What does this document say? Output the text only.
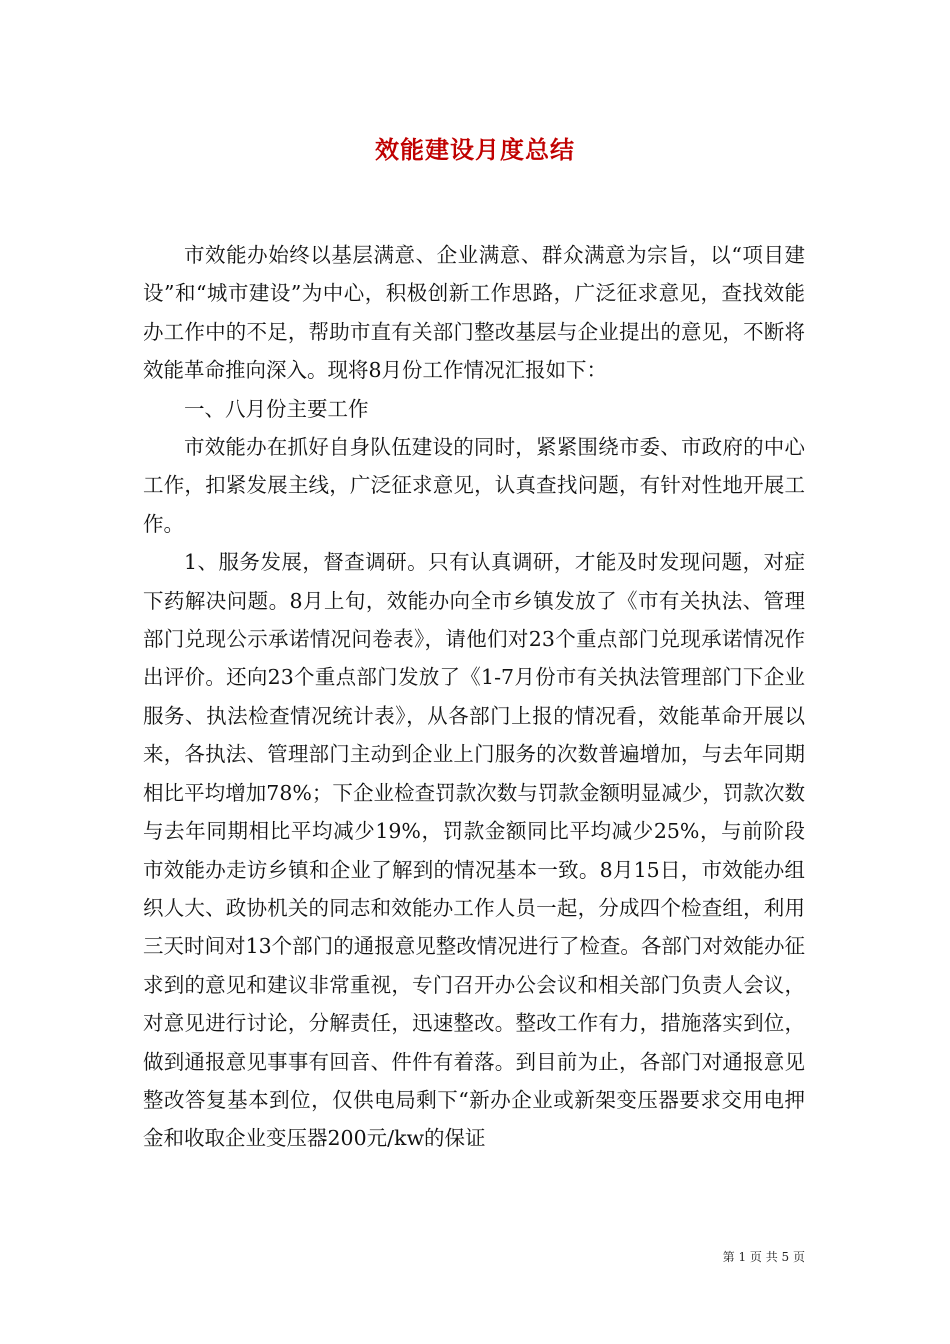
效能建设月度总结

市效能办始终以基层满意、企业满意、群众满意为宗旨，以“项目建设”和“城市建设”为中心，积极创新工作思路，广泛征求意见，查找效能办工作中的不足，帮助市直有关部门整改基层与企业提出的意见，不断将效能革命推向深入。现将8月份工作情况汇报如下：

一、八月份主要工作

市效能办在抓好自身队伍建设的同时，紧紧围绕市委、市政府的中心工作，扣紧发展主线，广泛征求意见，认真查找问题，有针对性地开展工作。

1、服务发展，督查调研。只有认真调研，才能及时发现问题，对症下药解决问题。8月上旬，效能办向全市乡镇发放了《市有关执法、管理部门兑现公示承诺情况问卷表》，请他们对23个重点部门兑现承诺情况作出评价。还向23个重点部门发放了《1-7月份市有关执法管理部门下企业服务、执法检查情况统计表》，从各部门上报的情况看，效能革命开展以来，各执法、管理部门主动到企业上门服务的次数普遍增加，与去年同期相比平均增加78%；下企业检查罚款次数与罚款金额明显减少，罚款次数与去年同期相比平均减少19%，罚款金额同比平均减少25%，与前阶段市效能办走访乡镇和企业了解到的情况基本一致。8月15日，市效能办组织人大、政协机关的同志和效能办工作人员一起，分成四个检查组，利用三天时间对13个部门的通报意见整改情况进行了检查。各部门对效能办征求到的意见和建议非常重视，专门召开办公会议和相关部门负责人会议，对意见进行讨论，分解责任，迅速整改。整改工作有力，措施落实到位，做到通报意见事事有回音、件件有着落。到目前为止，各部门对通报意见整改答复基本到位，仅供电局剩下“新办企业或新架变压器要求交用电押金和收取企业变压器200元/kw的保证

第 1 页 共 5 页
